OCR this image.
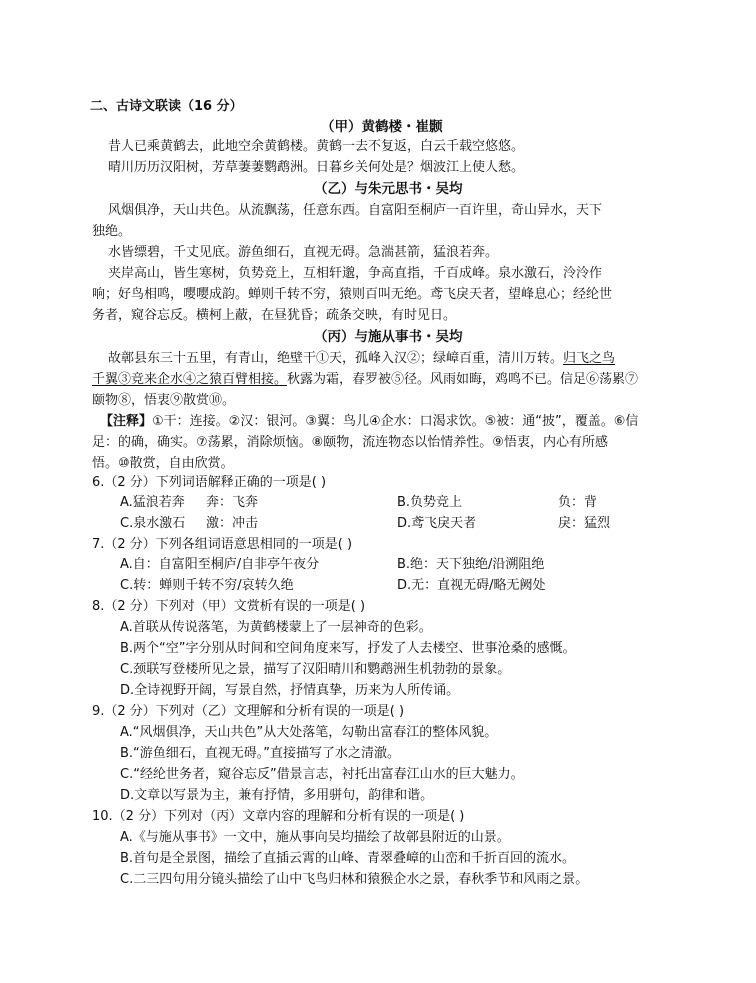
二、古诗文联读（16 分）
（甲）黄鹤楼・崔颢
昔人已乘黄鹤去，此地空余黄鹤楼。黄鹤一去不复返，白云千载空悠悠。
晴川历历汉阳树，芳草萋萋鹦鹉洲。日暮乡关何处是？烟波江上使人愁。
（乙）与朱元思书・吴均
风烟俱净，天山共色。从流飘荡，任意东西。自富阳至桐庐一百许里，奇山异水，天下
独绝。
水皆缥碧，千丈见底。游鱼细石，直视无碍。急湍甚箭，猛浪若奔。
夹岸高山，皆生寒树，负势竞上，互相轩邈，争高直指，千百成峰。泉水激石，泠泠作
响；好鸟相鸣，嘤嘤成韵。蝉则千转不穷，猿则百叫无绝。鸢飞戾天者，望峰息心；经纶世
务者，窥谷忘反。横柯上蔽，在昼犹昏；疏条交映，有时见日。
（丙）与施从事书・吴均
故鄣县东三十五里，有青山，绝壁干①天，孤峰入汉②；绿嶂百重，清川万转。归飞之鸟
千翼③竞来企水④之猿百臂相接。秋露为霜，春罗被⑤径。风雨如晦，鸡鸣不已。信足⑥荡累⑦
颐物⑧，悟衷⑨散赏⑩。
【注释】①干：连接。②汉：银河。③翼：鸟儿④企水：口渴求饮。⑤被：通“披”，覆盖。⑥信
足：的确，确实。⑦荡累，消除烦恼。⑧颐物，流连物态以怡情养性。⑨悟衷，内心有所感
悟。⑩散赏，自由欣赏。
6.（2 分）下列词语解释正确的一项是( )
A.猛浪若奔 奔：飞奔	B.负势竞上	负：背
C.泉水激石 激：冲击	D.鸢飞戾天者	戾：猛烈
7.（2 分）下列各组词语意思相同的一项是( )
A.自：自富阳至桐庐/自非亭午夜分	B.绝：天下独绝/沿溯阻绝
C.转：蝉则千转不穷/哀转久绝	D.无：直视无碍/略无阙处
8.（2 分）下列对（甲）文赏析有误的一项是( )
A.首联从传说落笔，为黄鹤楼蒙上了一层神奇的色彩。
B.两个“空”字分别从时间和空间角度来写，抒发了人去楼空、世事沧桑的感慨。
C.颈联写登楼所见之景，描写了汉阳晴川和鹦鹉洲生机勃勃的景象。
D.全诗视野开阔，写景自然，抒情真挚，历来为人所传诵。
9.（2 分）下列对（乙）文理解和分析有误的一项是( )
A.“风烟俱净，天山共色”从大处落笔，勾勒出富春江的整体风貌。
B.“游鱼细石，直视无碍。”直接描写了水之清澈。
C.“经纶世务者，窥谷忘反”借景言志，衬托出富春江山水的巨大魅力。
D.文章以写景为主，兼有抒情，多用骈句，韵律和谐。
10.（2 分）下列对（丙）文章内容的理解和分析有误的一项是( )
A.《与施从事书》一文中，施从事向吴均描绘了故鄣县附近的山景。
B.首句是全景图，描绘了直插云霄的山峰、青翠叠嶂的山峦和千折百回的流水。
C.二三四句用分镜头描绘了山中飞鸟归林和猿猴企水之景，春秋季节和风雨之景。
